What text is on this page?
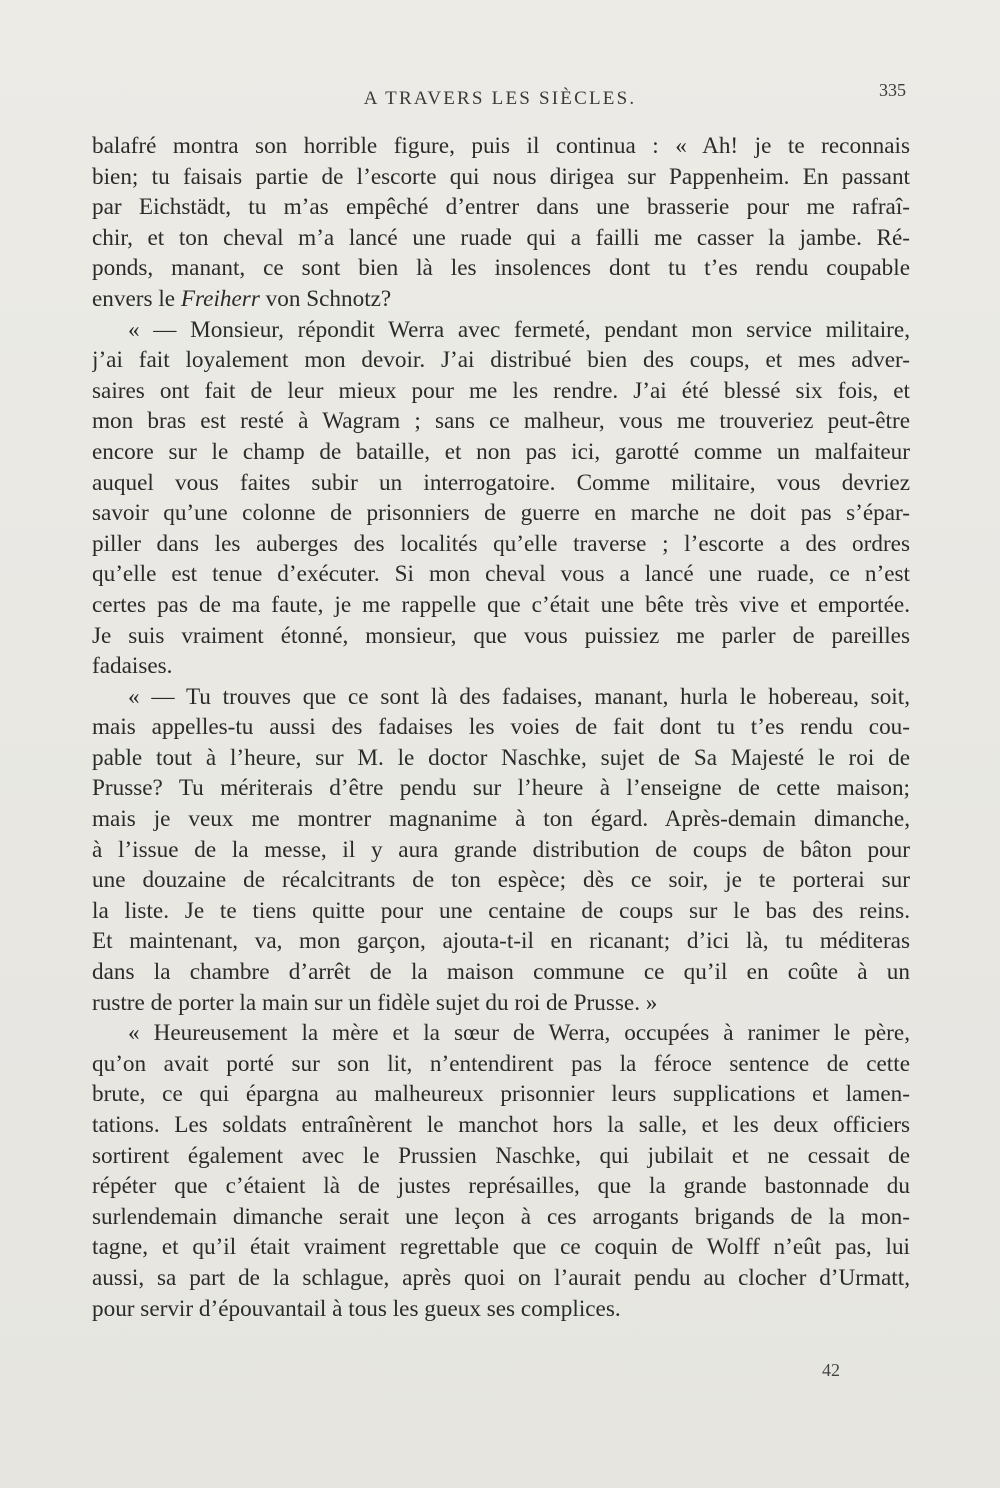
A TRAVERS LES SIÈCLES.	335
balafré montra son horrible figure, puis il continua : « Ah! je te reconnais
bien; tu faisais partie de l’escorte qui nous dirigea sur Pappenheim. En passant
par Eichstädt, tu m’as empêché d’entrer dans une brasserie pour me rafraî-
chir, et ton cheval m’a lancé une ruade qui a failli me casser la jambe. Ré-
ponds, manant, ce sont bien là les insolences dont tu t’es rendu coupable
envers le Freiherr von Schnotz?
« — Monsieur, répondit Werra avec fermeté, pendant mon service militaire,
j’ai fait loyalement mon devoir. J’ai distribué bien des coups, et mes adver-
saires ont fait de leur mieux pour me les rendre. J’ai été blessé six fois, et
mon bras est resté à Wagram ; sans ce malheur, vous me trouveriez peut-être
encore sur le champ de bataille, et non pas ici, garotté comme un malfaiteur
auquel vous faites subir un interrogatoire. Comme militaire, vous devriez
savoir qu’une colonne de prisonniers de guerre en marche ne doit pas s’épar-
piller dans les auberges des localités qu’elle traverse ; l’escorte a des ordres
qu’elle est tenue d’exécuter. Si mon cheval vous a lancé une ruade, ce n’est
certes pas de ma faute, je me rappelle que c’était une bête très vive et emportée.
Je suis vraiment étonné, monsieur, que vous puissiez me parler de pareilles
fadaises.
« — Tu trouves que ce sont là des fadaises, manant, hurla le hobereau, soit,
mais appelles-tu aussi des fadaises les voies de fait dont tu t’es rendu cou-
pable tout à l’heure, sur M. le doctor Naschke, sujet de Sa Majesté le roi de
Prusse? Tu mériterais d’être pendu sur l’heure à l’enseigne de cette maison;
mais je veux me montrer magnanime à ton égard. Après-demain dimanche,
à l’issue de la messe, il y aura grande distribution de coups de bâton pour
une douzaine de récalcitrants de ton espèce; dès ce soir, je te porterai sur
la liste. Je te tiens quitte pour une centaine de coups sur le bas des reins.
Et maintenant, va, mon garçon, ajouta-t-il en ricanant; d’ici là, tu méditeras
dans la chambre d’arrêt de la maison commune ce qu’il en coûte à un
rustre de porter la main sur un fidèle sujet du roi de Prusse. »
« Heureusement la mère et la sœur de Werra, occupées à ranimer le père,
qu’on avait porté sur son lit, n’entendirent pas la féroce sentence de cette
brute, ce qui épargna au malheureux prisonnier leurs supplications et lamen-
tations. Les soldats entraînèrent le manchot hors la salle, et les deux officiers
sortirent également avec le Prussien Naschke, qui jubilait et ne cessait de
répéter que c’étaient là de justes représailles, que la grande bastonnade du
surlendemain dimanche serait une leçon à ces arrogants brigands de la mon-
tagne, et qu’il était vraiment regrettable que ce coquin de Wolff n’eût pas, lui
aussi, sa part de la schlague, après quoi on l’aurait pendu au clocher d’Urmatt,
pour servir d’épouvantail à tous les gueux ses complices.
42
